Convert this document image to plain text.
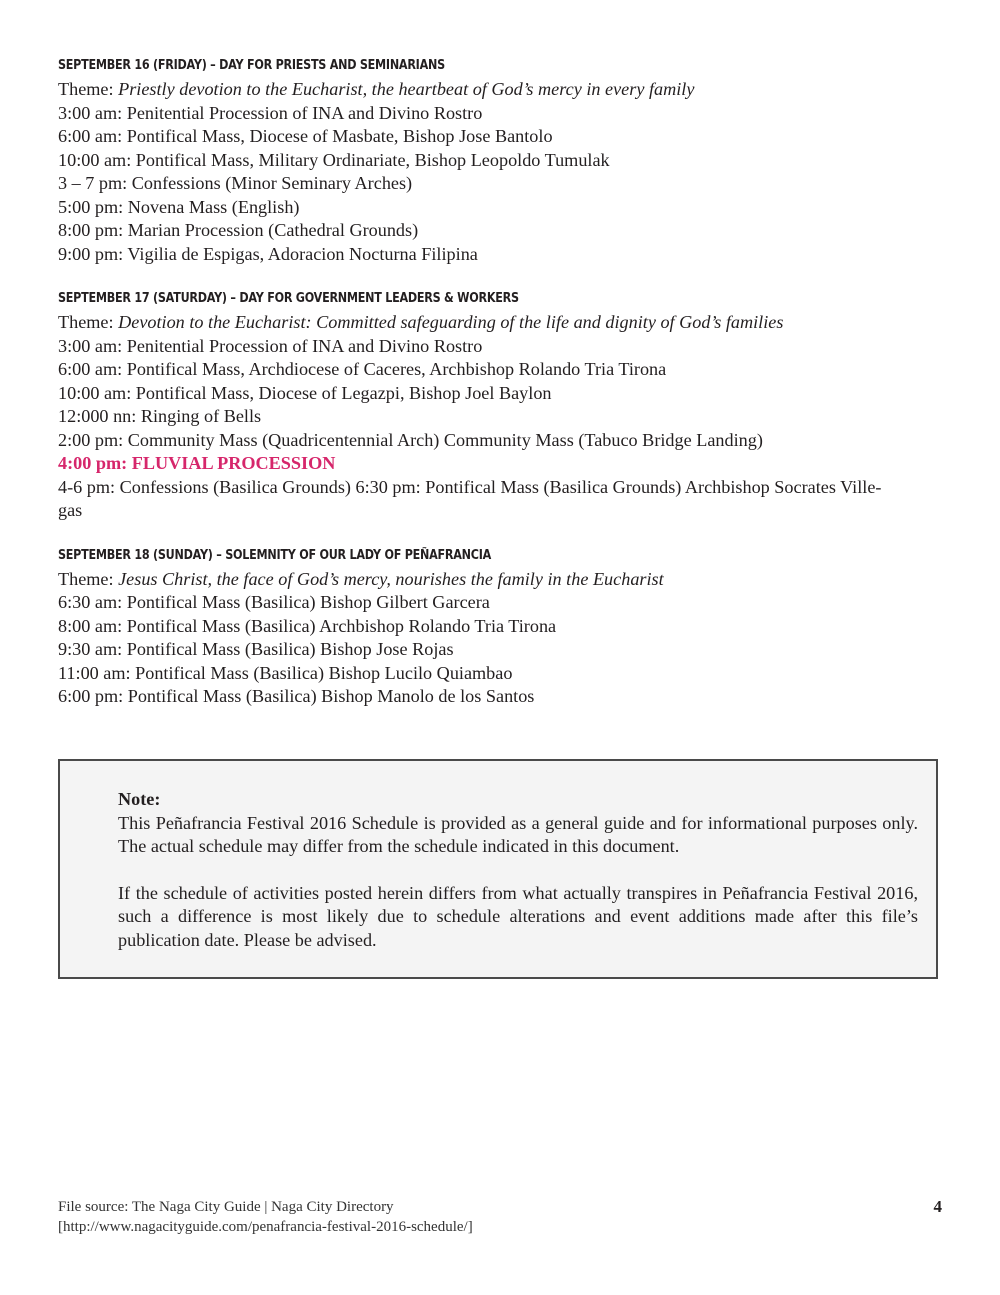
SEPTEMBER 16 (FRIDAY) – DAY FOR PRIESTS AND SEMINARIANS

Theme: Priestly devotion to the Eucharist, the heartbeat of God’s mercy in every family

3:00 am: Penitential Procession of INA and Divino Rostro

6:00 am: Pontifical Mass, Diocese of Masbate, Bishop Jose Bantolo

10:00 am: Pontifical Mass, Military Ordinariate, Bishop Leopoldo Tumulak

3 – 7 pm: Confessions (Minor Seminary Arches)

5:00 pm: Novena Mass (English)

8:00 pm: Marian Procession (Cathedral Grounds)

9:00 pm: Vigilia de Espigas, Adoracion Nocturna Filipina

SEPTEMBER 17 (SATURDAY) – DAY FOR GOVERNMENT LEADERS & WORKERS

Theme: Devotion to the Eucharist: Committed safeguarding of the life and dignity of God’s families

3:00 am: Penitential Procession of INA and Divino Rostro

6:00 am: Pontifical Mass, Archdiocese of Caceres, Archbishop Rolando Tria Tirona

10:00 am: Pontifical Mass, Diocese of Legazpi, Bishop Joel Baylon

12:000 nn: Ringing of Bells

2:00 pm: Community Mass (Quadricentennial Arch) Community Mass (Tabuco Bridge Landing)

4:00 pm: FLUVIAL PROCESSION

4-6 pm: Confessions (Basilica Grounds) 6:30 pm: Pontifical Mass (Basilica Grounds) Archbishop Socrates Ville-

gas

SEPTEMBER 18 (SUNDAY) – SOLEMNITY OF OUR LADY OF PEÑAFRANCIA

Theme: Jesus Christ, the face of God’s mercy, nourishes the family in the Eucharist

6:30 am: Pontifical Mass (Basilica) Bishop Gilbert Garcera

8:00 am: Pontifical Mass (Basilica) Archbishop Rolando Tria Tirona

9:30 am: Pontifical Mass (Basilica) Bishop Jose Rojas

11:00 am: Pontifical Mass (Basilica) Bishop Lucilo Quiambao

6:00 pm: Pontifical Mass (Basilica) Bishop Manolo de los Santos

Note:

This Peñafrancia Festival 2016 Schedule is provided as a general guide and for informational purposes only. The actual schedule may differ from the schedule indicated in this document.

If the schedule of activities posted herein differs from what actually transpires in Peñafrancia Festival 2016, such a difference is most likely due to schedule alterations and event additions made after this file’s publication date. Please be advised.

File source: The Naga City Guide | Naga City Directory
[http://www.nagacityguide.com/penafrancia-festival-2016-schedule/]
4
